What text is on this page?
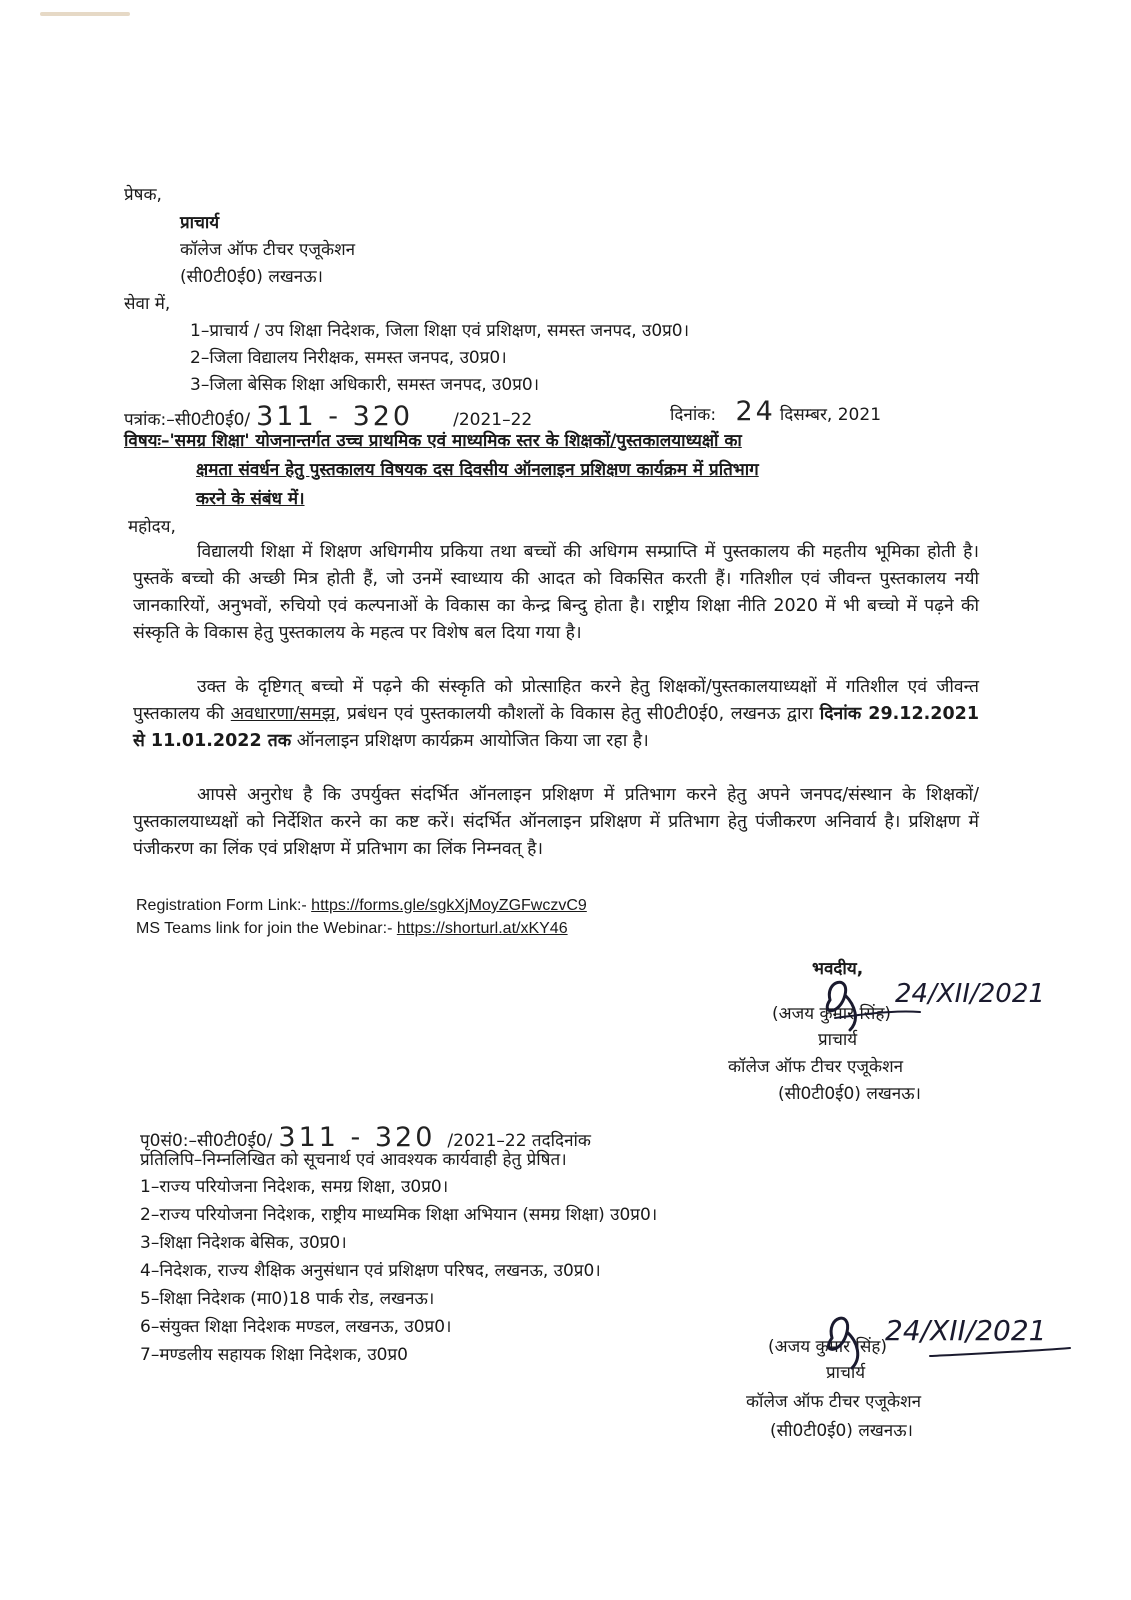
प्रेषक,
प्राचार्य
कॉलेज ऑफ टीचर एजूकेशन
(सी0टी0ई0) लखनऊ।
सेवा में,
1–प्राचार्य / उप शिक्षा निदेशक, जिला शिक्षा एवं प्रशिक्षण, समस्त जनपद, उ0प्र0।
2–जिला विद्यालय निरीक्षक, समस्त जनपद, उ0प्र0।
3–जिला बेसिक शिक्षा अधिकारी, समस्त जनपद, उ0प्र0।
पत्रांक:–सी0टी0ई0/ 311 - 320 /2021–22	दिनांक: 24 दिसम्बर, 2021
विषयः–'समग्र शिक्षा' योजनान्तर्गत उच्च प्राथमिक एवं माध्यमिक स्तर के शिक्षकों/पुस्तकालयाध्यक्षों का
क्षमता संवर्धन हेतु पुस्तकालय विषयक दस दिवसीय ऑनलाइन प्रशिक्षण कार्यक्रम में प्रतिभाग
करने के संबंध में।
महोदय,
विद्यालयी शिक्षा में शिक्षण अधिगमीय प्रकिया तथा बच्चों की अधिगम सम्प्राप्ति में पुस्तकालय की महतीय भूमिका होती है। पुस्तकें बच्चो की अच्छी मित्र होती हैं, जो उनमें स्वाध्याय की आदत को विकसित करती हैं। गतिशील एवं जीवन्त पुस्तकालय नयी जानकारियों, अनुभवों, रुचियो एवं कल्पनाओं के विकास का केन्द्र बिन्दु होता है। राष्ट्रीय शिक्षा नीति 2020 में भी बच्चो में पढ़ने की संस्कृति के विकास हेतु पुस्तकालय के महत्व पर विशेष बल दिया गया है।
उक्त के दृष्टिगत् बच्चो में पढ़ने की संस्कृति को प्रोत्साहित करने हेतु शिक्षकों/पुस्तकालयाध्यक्षों में गतिशील एवं जीवन्त पुस्तकालय की अवधारणा/समझ, प्रबंधन एवं पुस्तकालयी कौशलों के विकास हेतु सी0टी0ई0, लखनऊ द्वारा दिनांक 29.12.2021 से 11.01.2022 तक ऑनलाइन प्रशिक्षण कार्यक्रम आयोजित किया जा रहा है।
आपसे अनुरोध है कि उपर्युक्त संदर्भित ऑनलाइन प्रशिक्षण में प्रतिभाग करने हेतु अपने जनपद/संस्थान के शिक्षकों/पुस्तकालयाध्यक्षों को निर्देशित करने का कष्ट करें। संदर्भित ऑनलाइन प्रशिक्षण में प्रतिभाग हेतु पंजीकरण अनिवार्य है। प्रशिक्षण में पंजीकरण का लिंक एवं प्रशिक्षण में प्रतिभाग का लिंक निम्नवत् है।
Registration Form Link:- https://forms.gle/sgkXjMoyZGFwczvC9
MS Teams link for join the Webinar:- https://shorturl.at/xKY46
भवदीय,
(अजय कुमार सिंह)
प्राचार्य
कॉलेज ऑफ टीचर एजूकेशन
(सी0टी0ई0) लखनऊ।
24/XII/2021
पृ0सं0:–सी0टी0ई0/ 311 - 320 /2021–22 तददिनांक
प्रतिलिपि–निम्नलिखित को सूचनार्थ एवं आवश्यक कार्यवाही हेतु प्रेषित।
1–राज्य परियोजना निदेशक, समग्र शिक्षा, उ0प्र0।
2–राज्य परियोजना निदेशक, राष्ट्रीय माध्यमिक शिक्षा अभियान (समग्र शिक्षा) उ0प्र0।
3–शिक्षा निदेशक बेसिक, उ0प्र0।
4–निदेशक, राज्य शैक्षिक अनुसंधान एवं प्रशिक्षण परिषद, लखनऊ, उ0प्र0।
5–शिक्षा निदेशक (मा0)18 पार्क रोड, लखनऊ।
6–संयुक्त शिक्षा निदेशक मण्डल, लखनऊ, उ0प्र0।
7–मण्डलीय सहायक शिक्षा निदेशक, उ0प्र0	(अजय कुमार सिंह)
प्राचार्य
कॉलेज ऑफ टीचर एजूकेशन
(सी0टी0ई0) लखनऊ।
24/XII/2021
